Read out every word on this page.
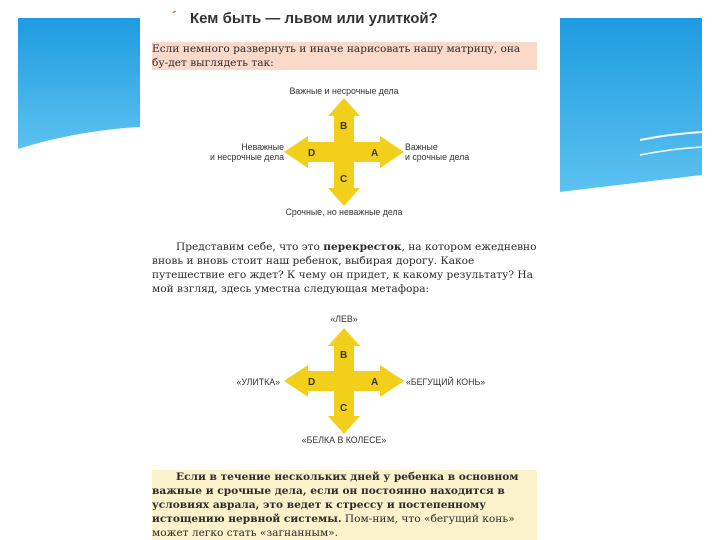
´ Кем быть — львом или улиткой?

Если немного развернуть и иначе нарисовать нашу матрицу, она бу-дет выглядеть так:

Важные и несрочные дела
Неважные
и несрочные дела
Важные
и срочные дела
Срочные, но неважные дела
B
D	A
C

Представим себе, что это перекресток, на котором ежедневно вновь и вновь стоит наш ребенок, выбирая дорогу. Какое путешествие его ждет? К чему он придет, к какому результату? На мой взгляд, здесь уместна следующая метафора:

«ЛЕВ»
«УЛИТКА»	«БЕГУЩИЙ КОНЬ»
«БЕЛКА В КОЛЕСЕ»
B
D	A
C

Если в течение нескольких дней у ребенка в основном важные и срочные дела, если он постоянно находится в условиях аврала, это ведет к стрессу и постепенному истощению нервной системы. Пом-ним, что «бегущий конь» может легко стать «загнанным».
